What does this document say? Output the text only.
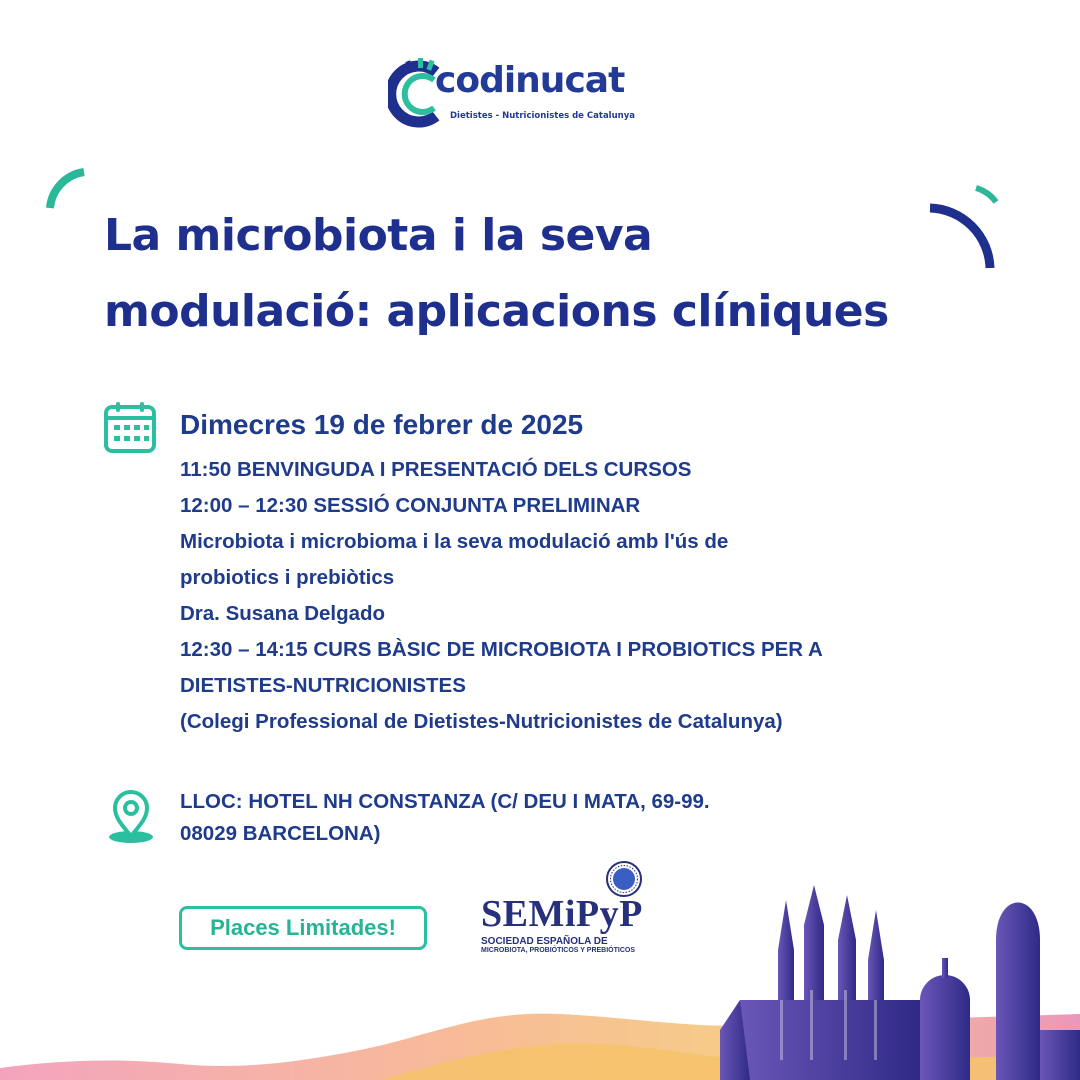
codinucat
Dietistes - Nutricionistes de Catalunya
La microbiota i la seva
modulació: aplicacions clíniques
Dimecres 19 de febrer de 2025
11:50 BENVINGUDA I PRESENTACIÓ DELS CURSOS
12:00 – 12:30 SESSIÓ CONJUNTA PRELIMINAR
Microbiota i microbioma i la seva modulació amb l'ús de
probiotics i prebiòtics
Dra. Susana Delgado
12:30 – 14:15 CURS BÀSIC DE MICROBIOTA I PROBIOTICS PER A
DIETISTES-NUTRICIONISTES
(Colegi Professional de Dietistes-Nutricionistes de Catalunya)
LLOC: HOTEL NH CONSTANZA (C/ DEU I MATA, 69-99.
08029 BARCELONA)
Places Limitades!	SEMiPyP
SOCIEDAD ESPAÑOLA DE
MICROBIOTA, PROBIÓTICOS Y PREBIÓTICOS
